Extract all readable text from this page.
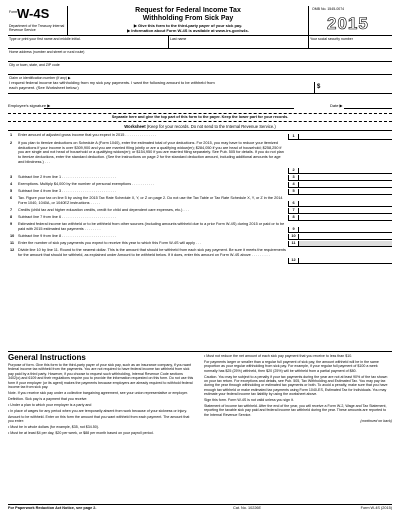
Form W-4S
Department of the Treasury Internal Revenue Service
Request for Federal Income Tax
Withholding From Sick Pay
▶ Give this form to the third-party payer of your sick pay.
▶ Information about Form W-4S is available at www.irs.gov/w4s.
OMB No. 1545-0074
2015
Type or print your first name and middle initial.	Last name	Your social security number
Home address (number and street or rural route)
City or town, state, and ZIP code
Claim or identification number (if any) ▶
I request federal income tax withholding from my sick pay payments. I want the following amount to be withheld from
each payment. (See Worksheet below.)	$
Employee's signature ▶	Date ▶
Separate here and give the top part of this form to the payer. Keep the lower part for your records.
Worksheet (Keep for your records. Do not send to the Internal Revenue Service.)
1 Enter amount of adjusted gross income that you expect in 2015 . . . . . . . . . . . . . . .	1
2 If you plan to itemize deductions on Schedule A (Form 1040), enter the estimated total of your deductions. For 2015, you may have to reduce your itemized deductions if your income is over $309,900 and you are married filing jointly or are a qualifying widow(er); $284,050 if you are head of household; $258,250 if you are single and not head of household or a qualifying widow(er); or $154,950 if you are married filing separately. See Pub. 505 for details. If you do not plan to itemize deductions, enter the standard deduction. (See the instructions on page 2 for the standard deduction amount, including additional amounts for age and blindness.) . . .
2
3 Subtract line 2 from line 1 . . . . . . . . . . . . . . . . . . . . . . . . . .	3
4 Exemptions. Multiply $4,000 by the number of personal exemptions . . . . . . . . . . .	4
5 Subtract line 4 from line 3 . . . . . . . . . . . . . . . . . . . . . . . . . .	5
6 Tax. Figure your tax on line 5 by using the 2015 Tax Rate Schedule X, Y, or Z on page 2. Do not use the Tax Table or Tax Rate Schedule X, Y, or Z in the 2014 Form 1040, 1040A, or 1040EZ instructions . . . . .	6
7 Credits (child tax and higher education credits, credit for child and dependent care expenses, etc.) . . .	7
8 Subtract line 7 from line 6 . . . . . . . . . . . . . . . . . . . . . . . . . .	8
9 Estimated federal income tax withheld or to be withheld from other sources (including amounts withheld due to a prior Form W-4S) during 2015 or paid or to be paid with 2015 estimated tax payments . . . . . . . .	9
10 Subtract line 9 from line 8 . . . . . . . . . . . . . . . . . . . . . . . . . .	10
11 Enter the number of sick pay payments you expect to receive this year to which this Form W-4S will apply . . .	11
12 Divide line 10 by line 11. Round to the nearest dollar. This is the amount that should be withheld from each sick pay payment. Be sure it meets the requirements for the amount that should be withheld, as explained under Amount to be withheld below. If it does, enter this amount on Form W-4S above . . . . . . . . .
12
General Instructions
Purpose of form. Give this form to the third-party payer of your sick pay, such as an insurance company, if you want federal income tax withheld from the payments. You are not required to have federal income tax withheld from sick pay paid by a third party. However, if you choose to request such withholding, Internal Revenue Code sections 3402(o) and 6109 and their regulations require you to provide the information requested on this form. Do not use this form if your employer (or its agent) makes the payments because employers are already required to withhold federal income tax from sick pay.
Note. If you receive sick pay under a collective bargaining agreement, see your union representative or employer.
Definition. Sick pay is a payment that you receive:
• Under a plan to which your employer is a party and
• In place of wages for any period when you are temporarily absent from work because of your sickness or injury.
Amount to be withheld. Enter on this form the amount that you want withheld from each payment. The amount that you enter:
• Must be in whole dollars (for example, $35, not $34.50).
• Must be at least $4 per day, $20 per week, or $88 per month based on your payroll period.
• Must not reduce the net amount of each sick pay payment that you receive to less than $10.
For payments larger or smaller than a regular full payment of sick pay, the amount withheld will be in the same proportion as your regular withholding from sick pay. For example, if your regular full payment of $100 a week normally has $25 (25%) withheld, then $20 (25%) will be withheld from a partial payment of $80.
Caution. You may be subject to a penalty if your tax payments during the year are not at least 90% of the tax shown on your tax return. For exceptions and details, see Pub. 505, Tax Withholding and Estimated Tax. You may pay tax during the year through withholding or estimated tax payments or both. To avoid a penalty, make sure that you have enough tax withheld or make estimated tax payments using Form 1040-ES, Estimated Tax for Individuals. You may estimate your federal income tax liability by using the worksheet above.
Sign this form. Form W-4S is not valid unless you sign it.
Statement of income tax withheld. After the end of the year, you will receive a Form W-2, Wage and Tax Statement, reporting the taxable sick pay paid and federal income tax withheld during the year. These amounts are reported to the Internal Revenue Service.
(continued on back)
For Paperwork Reduction Act Notice, see page 2.	Cat. No. 10226E	Form W-4S (2015)
